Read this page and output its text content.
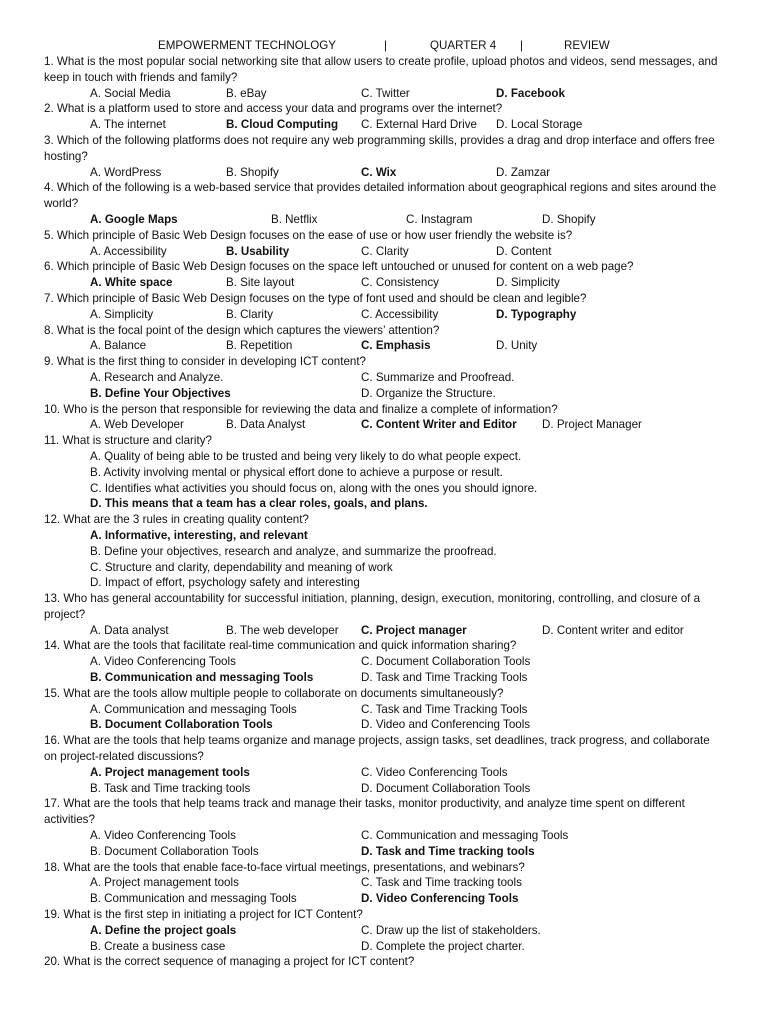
EMPOWERMENT TECHNOLOGY	|	QUARTER 4 |	REVIEW
1. What is the most popular social networking site that allow users to create profile, upload photos and videos, send messages, and keep in touch with friends and family?
A. Social Media	B. eBay	C. Twitter	D. Facebook
2. What is a platform used to store and access your data and programs over the internet?
A. The internet	B. Cloud Computing C. External Hard Drive D. Local Storage
3. Which of the following platforms does not require any web programming skills, provides a drag and drop interface and offers free hosting?
A. WordPress	B. Shopify	C. Wix	D. Zamzar
4. Which of the following is a web-based service that provides detailed information about geographical regions and sites around the world?
A. Google Maps	B. Netflix	C. Instagram	D. Shopify
5. Which principle of Basic Web Design focuses on the ease of use or how user friendly the website is?
A. Accessibility	B. Usability	C. Clarity	D. Content
6. Which principle of Basic Web Design focuses on the space left untouched or unused for content on a web page?
A. White space	B. Site layout	C. Consistency	D. Simplicity
7. Which principle of Basic Web Design focuses on the type of font used and should be clean and legible?
A. Simplicity	B. Clarity	C. Accessibility	D. Typography
8. What is the focal point of the design which captures the viewers’ attention?
A. Balance	B. Repetition	C. Emphasis	D. Unity
9. What is the first thing to consider in developing ICT content?
A. Research and Analyze.	C. Summarize and Proofread.
B. Define Your Objectives	D. Organize the Structure.
10. Who is the person that responsible for reviewing the data and finalize a complete of information?
A. Web Developer	B. Data Analyst	C. Content Writer and Editor D. Project Manager
11. What is structure and clarity?
A. Quality of being able to be trusted and being very likely to do what people expect.
B. Activity involving mental or physical effort done to achieve a purpose or result.
C. Identifies what activities you should focus on, along with the ones you should ignore.
D. This means that a team has a clear roles, goals, and plans.
12. What are the 3 rules in creating quality content?
A. Informative, interesting, and relevant
B. Define your objectives, research and analyze, and summarize the proofread.
C. Structure and clarity, dependability and meaning of work
D. Impact of effort, psychology safety and interesting
13. Who has general accountability for successful initiation, planning, design, execution, monitoring, controlling, and closure of a project?
A. Data analyst	B. The web developer C. Project manager	D. Content writer and editor
14. What are the tools that facilitate real-time communication and quick information sharing?
A. Video Conferencing Tools	C. Document Collaboration Tools
B. Communication and messaging Tools	D. Task and Time Tracking Tools
15. What are the tools allow multiple people to collaborate on documents simultaneously?
A. Communication and messaging Tools	C. Task and Time Tracking Tools
B. Document Collaboration Tools	D. Video and Conferencing Tools
16. What are the tools that help teams organize and manage projects, assign tasks, set deadlines, track progress, and collaborate on project-related discussions?
A. Project management tools	C. Video Conferencing Tools
B. Task and Time tracking tools	D. Document Collaboration Tools
17. What are the tools that help teams track and manage their tasks, monitor productivity, and analyze time spent on different activities?
A. Video Conferencing Tools	C. Communication and messaging Tools
B. Document Collaboration Tools	D. Task and Time tracking tools
18. What are the tools that enable face-to-face virtual meetings, presentations, and webinars?
A. Project management tools	C. Task and Time tracking tools
B. Communication and messaging Tools	D. Video Conferencing Tools
19. What is the first step in initiating a project for ICT Content?
A. Define the project goals	C. Draw up the list of stakeholders.
B. Create a business case	D. Complete the project charter.
20. What is the correct sequence of managing a project for ICT content?
